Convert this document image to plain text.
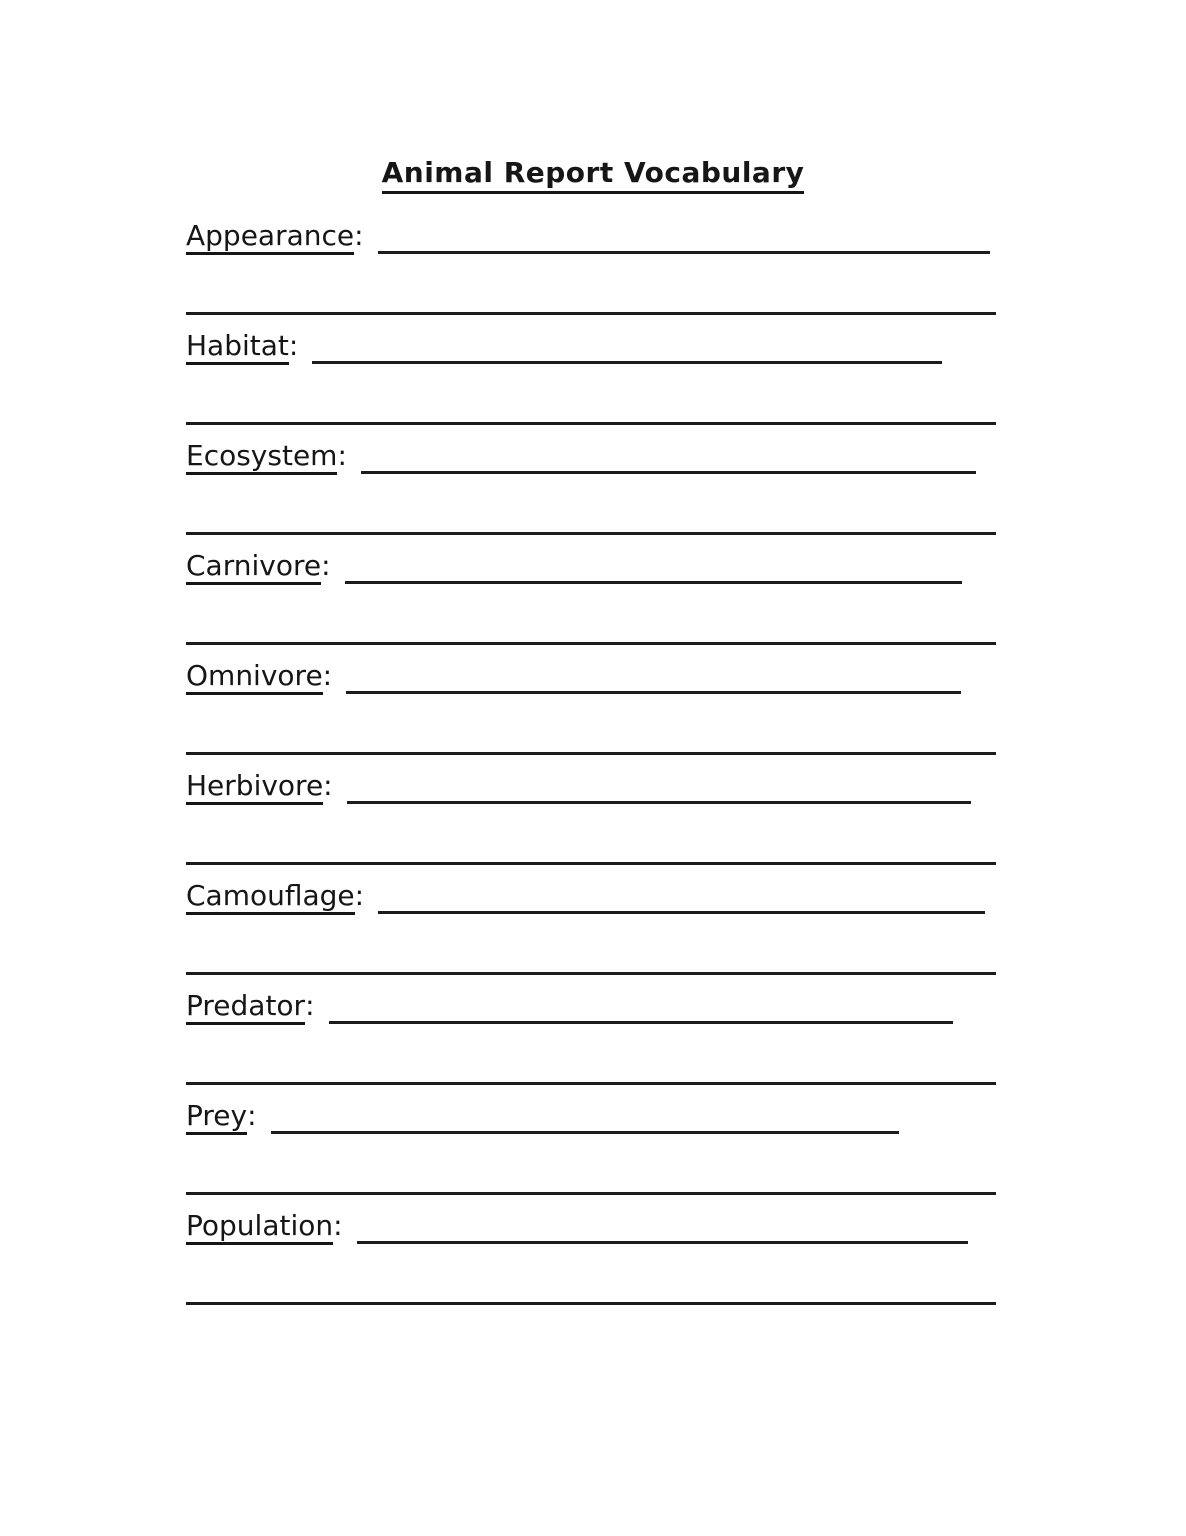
Animal Report Vocabulary
Appearance :
Habitat :
Ecosystem :
Carnivore :
Omnivore :
Herbivore :
Camouflage :
Predator :
Prey :
Population :
